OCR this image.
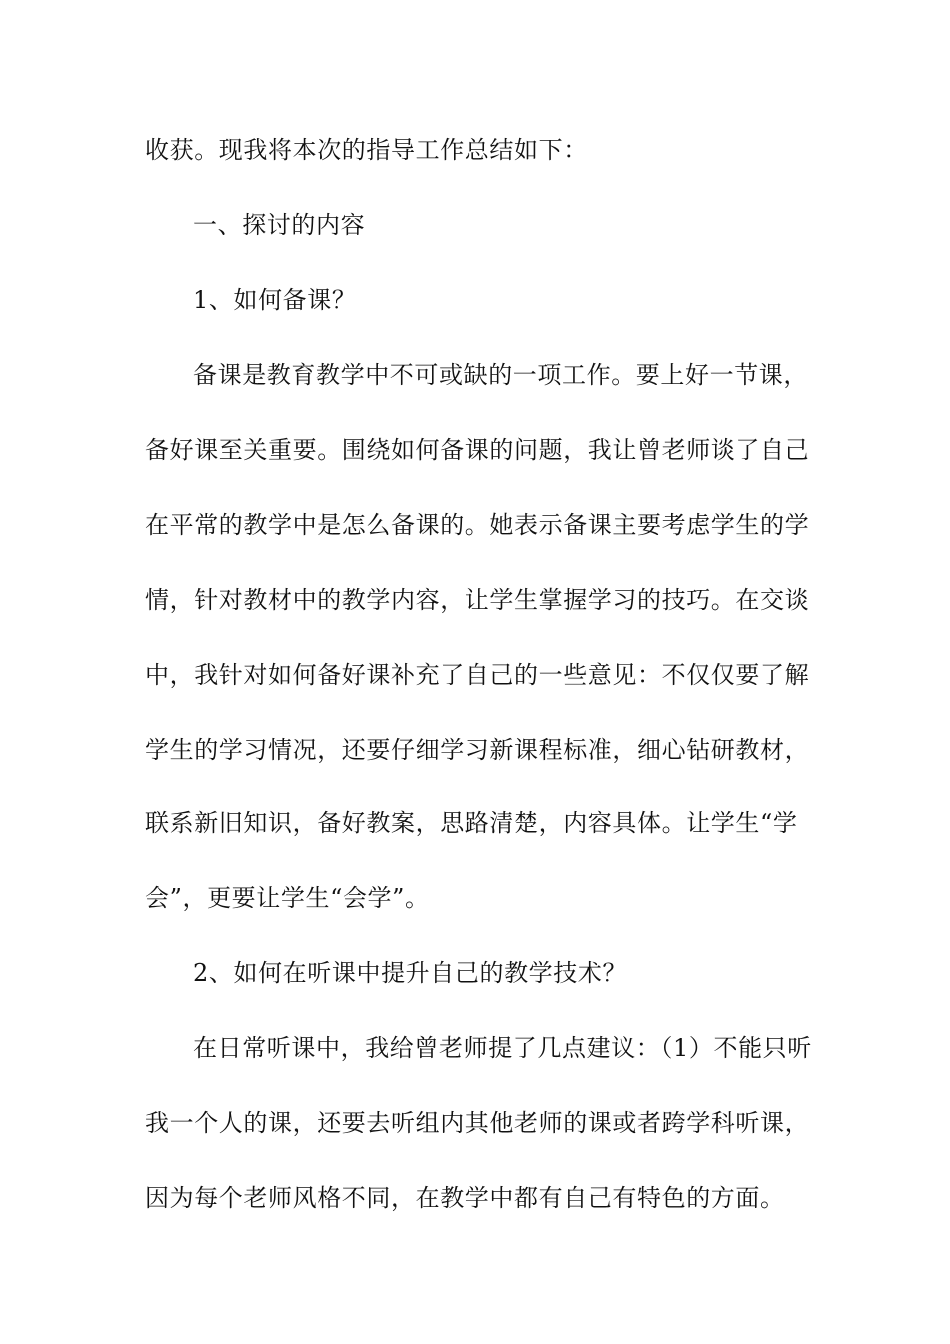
收获。现我将本次的指导工作总结如下：
一、探讨的内容
1、如何备课？
备课是教育教学中不可或缺的一项工作。要上好一节课，
备好课至关重要。围绕如何备课的问题，我让曾老师谈了自己
在平常的教学中是怎么备课的。她表示备课主要考虑学生的学
情，针对教材中的教学内容，让学生掌握学习的技巧。在交谈
中，我针对如何备好课补充了自己的一些意见：不仅仅要了解
学生的学习情况，还要仔细学习新课程标准，细心钻研教材，
联系新旧知识，备好教案，思路清楚，内容具体。让学生“学
会”，更要让学生“会学”。
2、如何在听课中提升自己的教学技术？
在日常听课中，我给曾老师提了几点建议：（1）不能只听
我一个人的课，还要去听组内其他老师的课或者跨学科听课，
因为每个老师风格不同，在教学中都有自己有特色的方面。
